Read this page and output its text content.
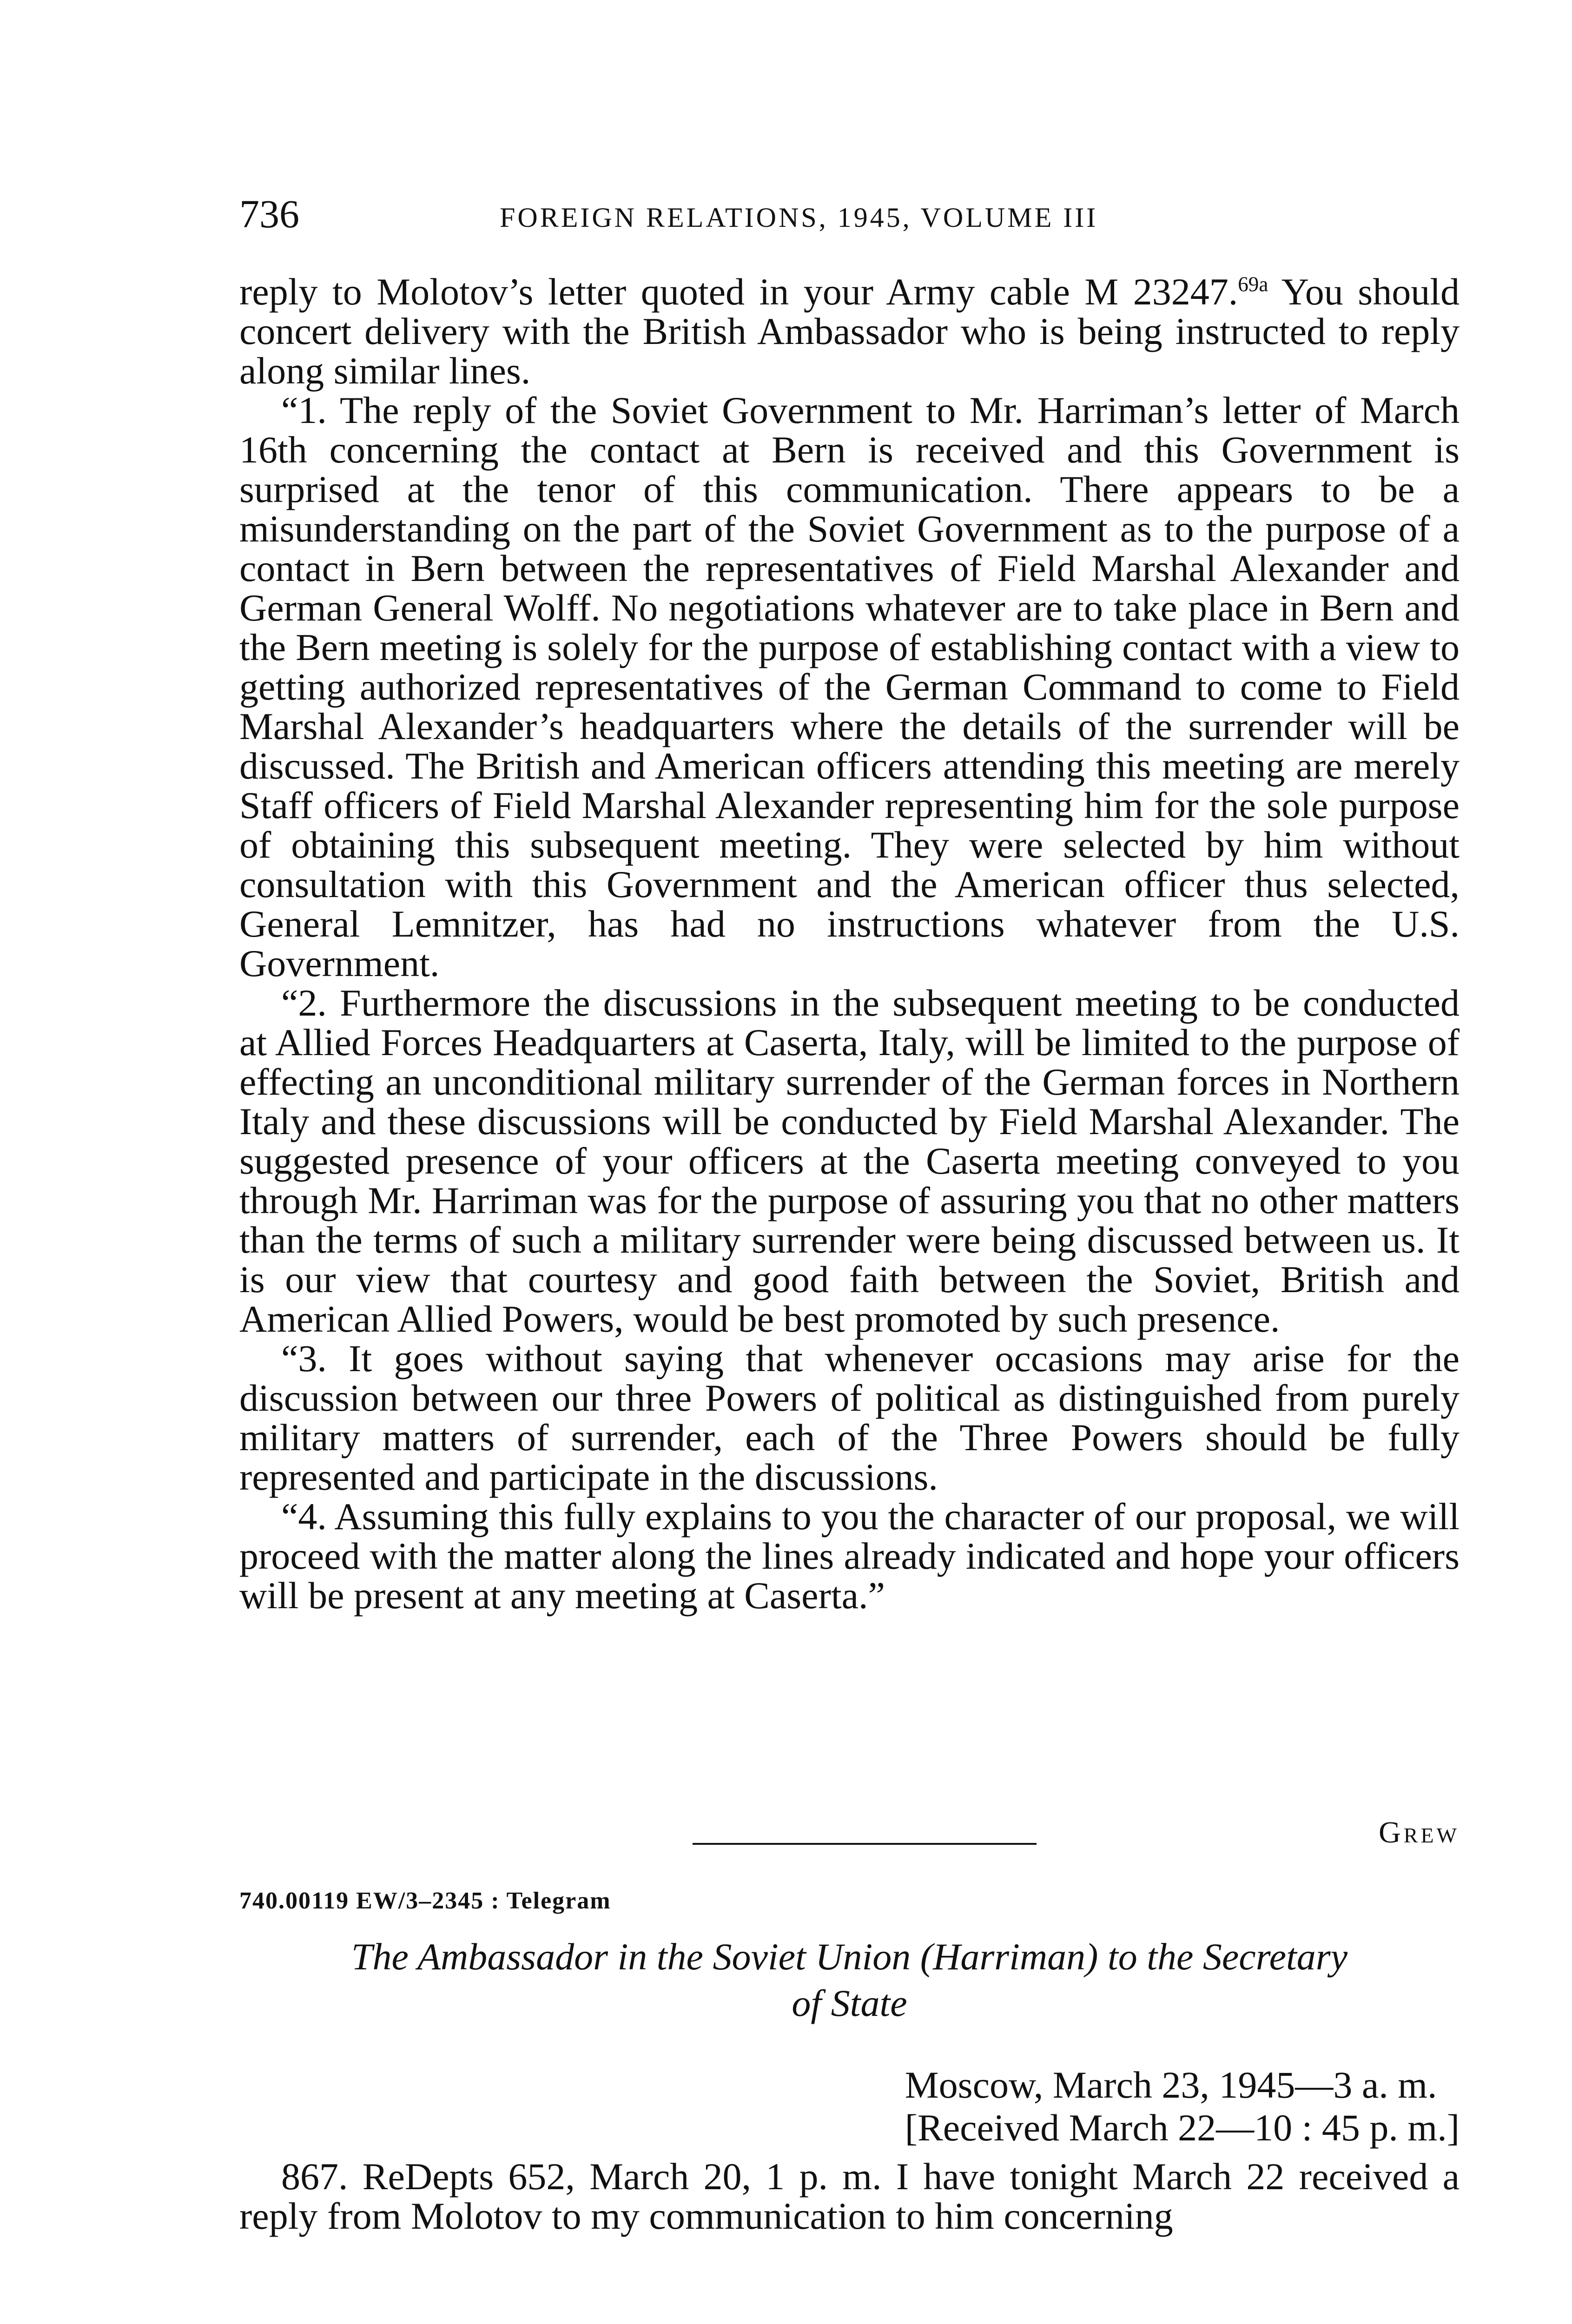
736	FOREIGN RELATIONS, 1945, VOLUME III

reply to Molotov’s letter quoted in your Army cable M 23247.$^{69a}$ You should concert delivery with the British Ambassador who is being instructed to reply along similar lines.

“1. The reply of the Soviet Government to Mr. Harriman’s letter of March 16th concerning the contact at Bern is received and this Government is surprised at the tenor of this communication. There appears to be a misunderstanding on the part of the Soviet Government as to the purpose of a contact in Bern between the representatives of Field Marshal Alexander and German General Wolff. No negotiations whatever are to take place in Bern and the Bern meeting is solely for the purpose of establishing contact with a view to getting authorized representatives of the German Command to come to Field Marshal Alexander’s headquarters where the details of the surrender will be discussed. The British and American officers attending this meeting are merely Staff officers of Field Marshal Alexander representing him for the sole purpose of obtaining this subsequent meeting. They were selected by him without consultation with this Government and the American officer thus selected, General Lemnitzer, has had no instructions whatever from the U.S. Government.

“2. Furthermore the discussions in the subsequent meeting to be conducted at Allied Forces Headquarters at Caserta, Italy, will be limited to the purpose of effecting an unconditional military surrender of the German forces in Northern Italy and these discussions will be conducted by Field Marshal Alexander. The suggested presence of your officers at the Caserta meeting conveyed to you through Mr. Harriman was for the purpose of assuring you that no other matters than the terms of such a military surrender were being discussed between us. It is our view that courtesy and good faith between the Soviet, British and American Allied Powers, would be best promoted by such presence.

“3. It goes without saying that whenever occasions may arise for the discussion between our three Powers of political as distinguished from purely military matters of surrender, each of the Three Powers should be fully represented and participate in the discussions.

“4. Assuming this fully explains to you the character of our proposal, we will proceed with the matter along the lines already indicated and hope your officers will be present at any meeting at Caserta.”

Grew
740.00119 EW/3–2345 : Telegram
The Ambassador in the Soviet Union (Harriman) to the Secretary
of State
Moscow, March 23, 1945—3 a. m.
[Received March 22—10 : 45 p. m.]

867. ReDepts 652, March 20, 1 p. m. I have tonight March 22 received a reply from Molotov to my communication to him concerning
